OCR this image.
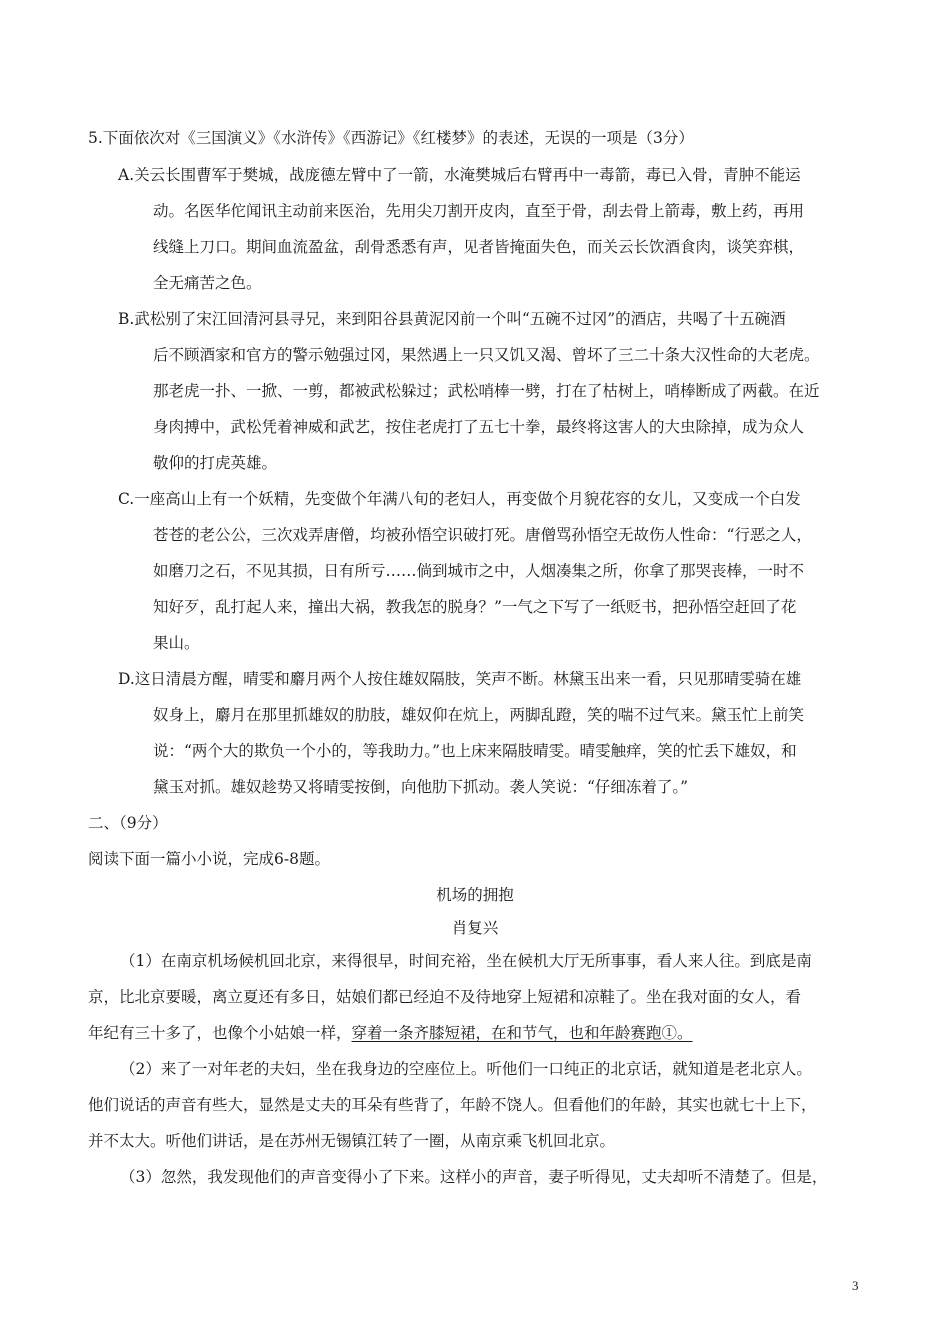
5.下面依次对《三国演义》《水浒传》《西游记》《红楼梦》的表述，无误的一项是（3分）
A.关云长围曹军于樊城，战庞德左臂中了一箭，水淹樊城后右臂再中一毒箭，毒已入骨，青肿不能运
动。名医华佗闻讯主动前来医治，先用尖刀割开皮肉，直至于骨，刮去骨上箭毒，敷上药，再用
线缝上刀口。期间血流盈盆，刮骨悉悉有声，见者皆掩面失色，而关云长饮酒食肉，谈笑弈棋，
全无痛苦之色。
B.武松别了宋江回清河县寻兄，来到阳谷县黄泥冈前一个叫“五碗不过冈”的酒店，共喝了十五碗酒
后不顾酒家和官方的警示勉强过冈，果然遇上一只又饥又渴、曾坏了三二十条大汉性命的大老虎。
那老虎一扑、一掀、一剪，都被武松躲过；武松哨棒一劈，打在了枯树上，哨棒断成了两截。在近
身肉搏中，武松凭着神威和武艺，按住老虎打了五七十拳，最终将这害人的大虫除掉，成为众人
敬仰的打虎英雄。
C.一座高山上有一个妖精，先变做个年满八旬的老妇人，再变做个月貌花容的女儿，又变成一个白发
苍苍的老公公，三次戏弄唐僧，均被孙悟空识破打死。唐僧骂孙悟空无故伤人性命：“行恶之人，
如磨刀之石，不见其损，日有所亏……倘到城市之中，人烟凑集之所，你拿了那哭丧棒，一时不
知好歹，乱打起人来，撞出大祸，教我怎的脱身？”一气之下写了一纸贬书，把孙悟空赶回了花
果山。
D.这日清晨方醒，晴雯和麝月两个人按住雄奴隔肢，笑声不断。林黛玉出来一看，只见那晴雯骑在雄
奴身上，麝月在那里抓雄奴的肋肢，雄奴仰在炕上，两脚乱蹬，笑的喘不过气来。黛玉忙上前笑
说：“两个大的欺负一个小的，等我助力。”也上床来隔肢晴雯。晴雯触痒，笑的忙丢下雄奴，和
黛玉对抓。雄奴趁势又将晴雯按倒，向他肋下抓动。袭人笑说：“仔细冻着了。”
二、（9分）
阅读下面一篇小小说，完成6-8题。
机场的拥抱
肖复兴
（1）在南京机场候机回北京，来得很早，时间充裕，坐在候机大厅无所事事，看人来人往。到底是南
京，比北京要暖，离立夏还有多日，姑娘们都已经迫不及待地穿上短裙和凉鞋了。坐在我对面的女人，看
年纪有三十多了，也像个小姑娘一样，穿着一条齐膝短裙，在和节气，也和年龄赛跑①。
（2）来了一对年老的夫妇，坐在我身边的空座位上。听他们一口纯正的北京话，就知道是老北京人。
他们说话的声音有些大，显然是丈夫的耳朵有些背了，年龄不饶人。但看他们的年龄，其实也就七十上下，
并不太大。听他们讲话，是在苏州无锡镇江转了一圈，从南京乘飞机回北京。
（3）忽然，我发现他们的声音变得小了下来。这样小的声音，妻子听得见，丈夫却听不清楚了。但是，
3
